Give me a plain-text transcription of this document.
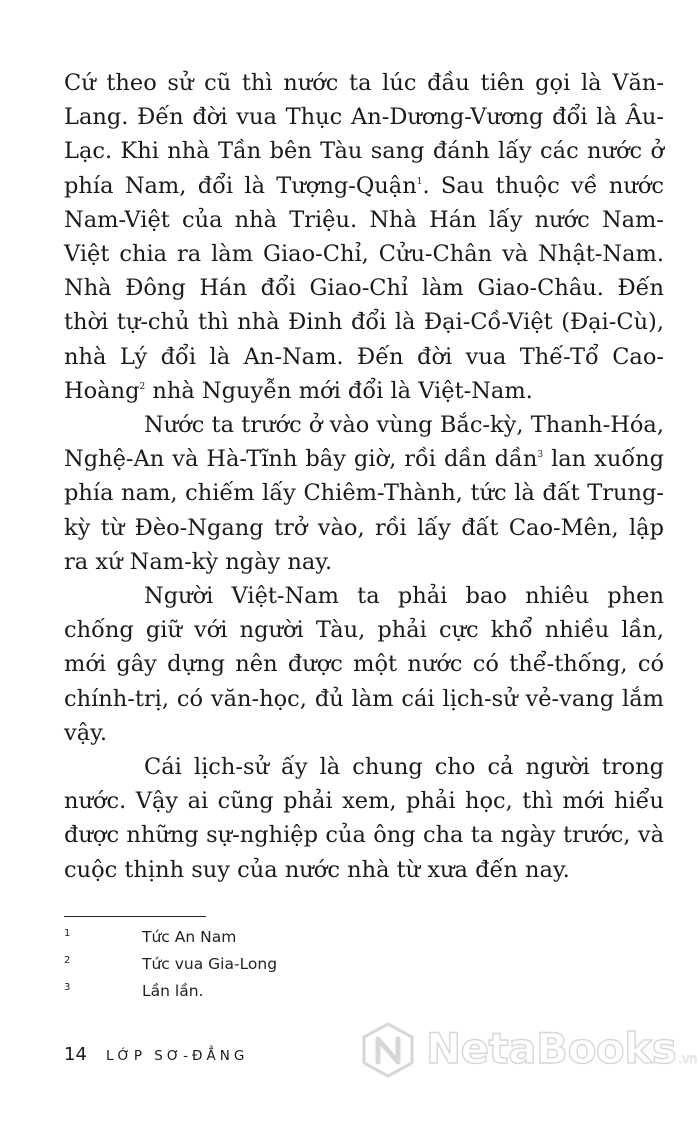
Cứ theo sử cũ thì nước ta lúc đầu tiên gọi là Văn-Lang. Đến đời vua Thục An-Dương-Vương đổi là Âu-Lạc. Khi nhà Tần bên Tàu sang đánh lấy các nước ở phía Nam, đổi là Tượng-Quận$^1$. Sau thuộc về nước Nam-Việt của nhà Triệu. Nhà Hán lấy nước Nam-Việt chia ra làm Giao-Chỉ, Cửu-Chân và Nhật-Nam. Nhà Đông Hán đổi Giao-Chỉ làm Giao-Châu. Đến thời tự-chủ thì nhà Đinh đổi là Đại-Cồ-Việt (Đại-Cù), nhà Lý đổi là An-Nam. Đến đời vua Thế-Tổ Cao-Hoàng$^2$ nhà Nguyễn mới đổi là Việt-Nam.

Nước ta trước ở vào vùng Bắc-kỳ, Thanh-Hóa, Nghệ-An và Hà-Tĩnh bây giờ, rồi dần dần$^3$ lan xuống phía nam, chiếm lấy Chiêm-Thành, tức là đất Trung-kỳ từ Đèo-Ngang trở vào, rồi lấy đất Cao-Mên, lập ra xứ Nam-kỳ ngày nay.

Người Việt-Nam ta phải bao nhiêu phen chống giữ với người Tàu, phải cực khổ nhiều lần, mới gây dựng nên được một nước có thể-thống, có chính-trị, có văn-học, đủ làm cái lịch-sử vẻ-vang lắm vậy.

Cái lịch-sử ấy là chung cho cả người trong nước. Vậy ai cũng phải xem, phải học, thì mới hiểu được những sự-nghiệp của ông cha ta ngày trước, và cuộc thịnh suy của nước nhà từ xưa đến nay.

1	Tức An Nam
2	Tức vua Gia-Long
3	Lần lần.
14 LỚP SƠ-ĐẲNG	NetaBooks .vn
